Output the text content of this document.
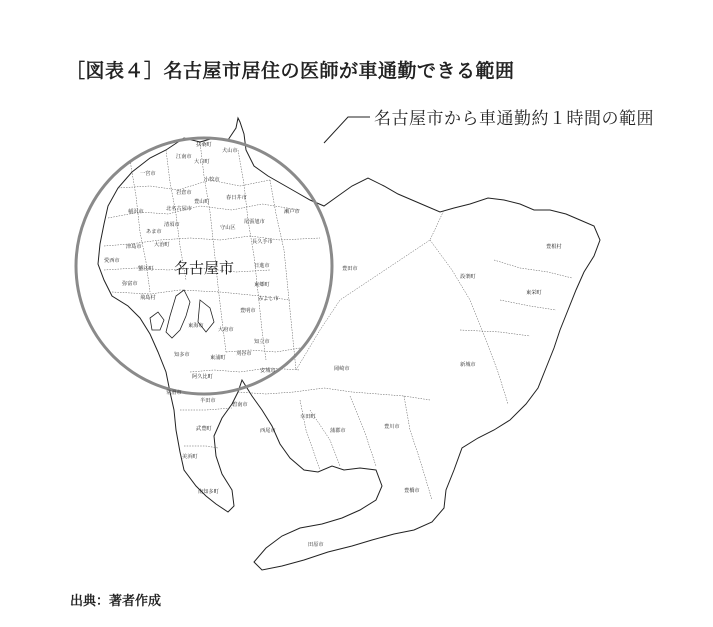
［図表４］名古屋市居住の医師が車通勤できる範囲
扶桑町
犬山市
江南市
大口町
一宮市
小牧市
岩倉市
春日井市
豊山町
北名古屋市
稲沢市
清須市
あま市
瀬戸市
尾張旭市
守山区
長久手市
大治町
津島市
日進市
愛西市
蟹江町
東郷町
弥富市
みよし市
飛島村
豊明市
東海市
大府市
知多市	東浦町
刈谷市
知立市
豊田市
設楽町
豊根村
東栄町
新城市
岡崎市
安城市
阿久比町
常滑市
半田市
碧南市
幸田町
西尾市	蒲郡市
豊川市
武豊町
美浜町
南知多町	豊橋市
田原市
名古屋市
名古屋市から車通勤約１時間の範囲
出典：著者作成
